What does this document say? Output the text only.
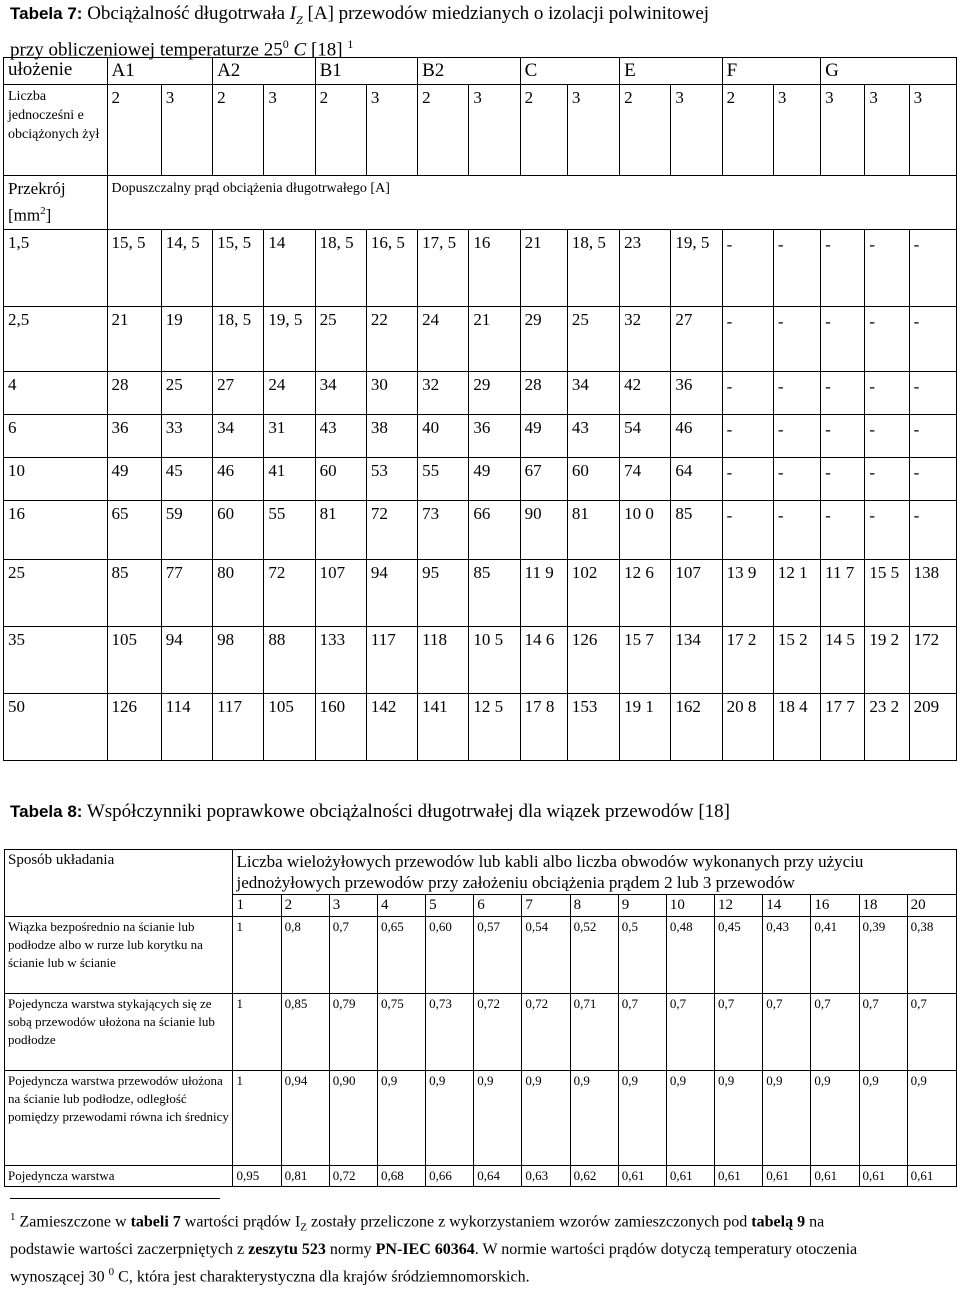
Tabela 7: Obciążalność długotrwała $I_Z$ [A] przewodów miedzianych o izolacji polwinitowej
przy obliczeniowej temperaturze $25^0$ C [18] $^1$
ułożenie	A1		A2		B1		B2		C		E		F		G		
Liczba jednocześni e obciążonych żył	2	3	2	3	2	3	2	3	2	3	2	3	2	3	3	3	3
Przekrój $[mm^2]$	Dopuszczalny prąd obciążenia długotrwałego [A]																
1,5	15, 5	14, 5	15, 5	14	18, 5	16, 5	17, 5	16	21	18, 5	23	19, 5	-	-	-	-	-
2,5	21	19	18, 5	19, 5	25	22	24	21	29	25	32	27	-	-	-	-	-
4	28	25	27	24	34	30	32	29	28	34	42	36	-	-	-	-	-
6	36	33	34	31	43	38	40	36	49	43	54	46	-	-	-	-	-
10	49	45	46	41	60	53	55	49	67	60	74	64	-	-	-	-	-
16	65	59	60	55	81	72	73	66	90	81	10 0	85	-	-	-	-	-
25	85	77	80	72	107	94	95	85	11 9	102	12 6	107	13 9	12 1	11 7	15 5	138
35	105	94	98	88	133	117	118	10 5	14 6	126	15 7	134	17 2	15 2	14 5	19 2	172
50	126	114	117	105	160	142	141	12 5	17 8	153	19 1	162	20 8	18 4	17 7	23 2	209
Tabela 8: Współczynniki poprawkowe obciążalności długotrwałej dla wiązek przewodów [18]
Sposób układania	Liczba wielożyłowych przewodów lub kabli albo liczba obwodów wykonanych przy użyciu jednożyłowych przewodów przy założeniu obciążenia prądem 2 lub 3 przewodów														
	1	2	3	4	5	6	7	8	9	10	12	14	16	18	20
Wiązka bezpośrednio na ścianie lub podłodze albo w rurze lub korytku na ścianie lub w ścianie	1	0,8	0,7	0,65	0,60	0,57	0,54	0,52	0,5	0,48	0,45	0,43	0,41	0,39	0,38
Pojedyncza warstwa stykających się ze sobą przewodów ułożona na ścianie lub podłodze	1	0,85	0,79	0,75	0,73	0,72	0,72	0,71	0,7	0,7	0,7	0,7	0,7	0,7	0,7
Pojedyncza warstwa przewodów ułożona na ścianie lub podłodze, odległość pomiędzy przewodami równa ich średnicy	1	0,94	0,90	0,9	0,9	0,9	0,9	0,9	0,9	0,9	0,9	0,9	0,9	0,9	0,9
Pojedyncza warstwa	0,95	0,81	0,72	0,68	0,66	0,64	0,63	0,62	0,61	0,61	0,61	0,61	0,61	0,61	0,61
$^1$ Zamieszczone w tabeli 7 wartości prądów $I_Z$ zostały przeliczone z wykorzystaniem wzorów zamieszczonych pod tabelą 9 na podstawie wartości zaczerpniętych z zeszytu 523 normy PN-IEC 60364. W normie wartości prądów dotyczą temperatury otoczenia wynoszącej 30 $^0$ C, która jest charakterystyczna dla krajów śródziemnomorskich.
